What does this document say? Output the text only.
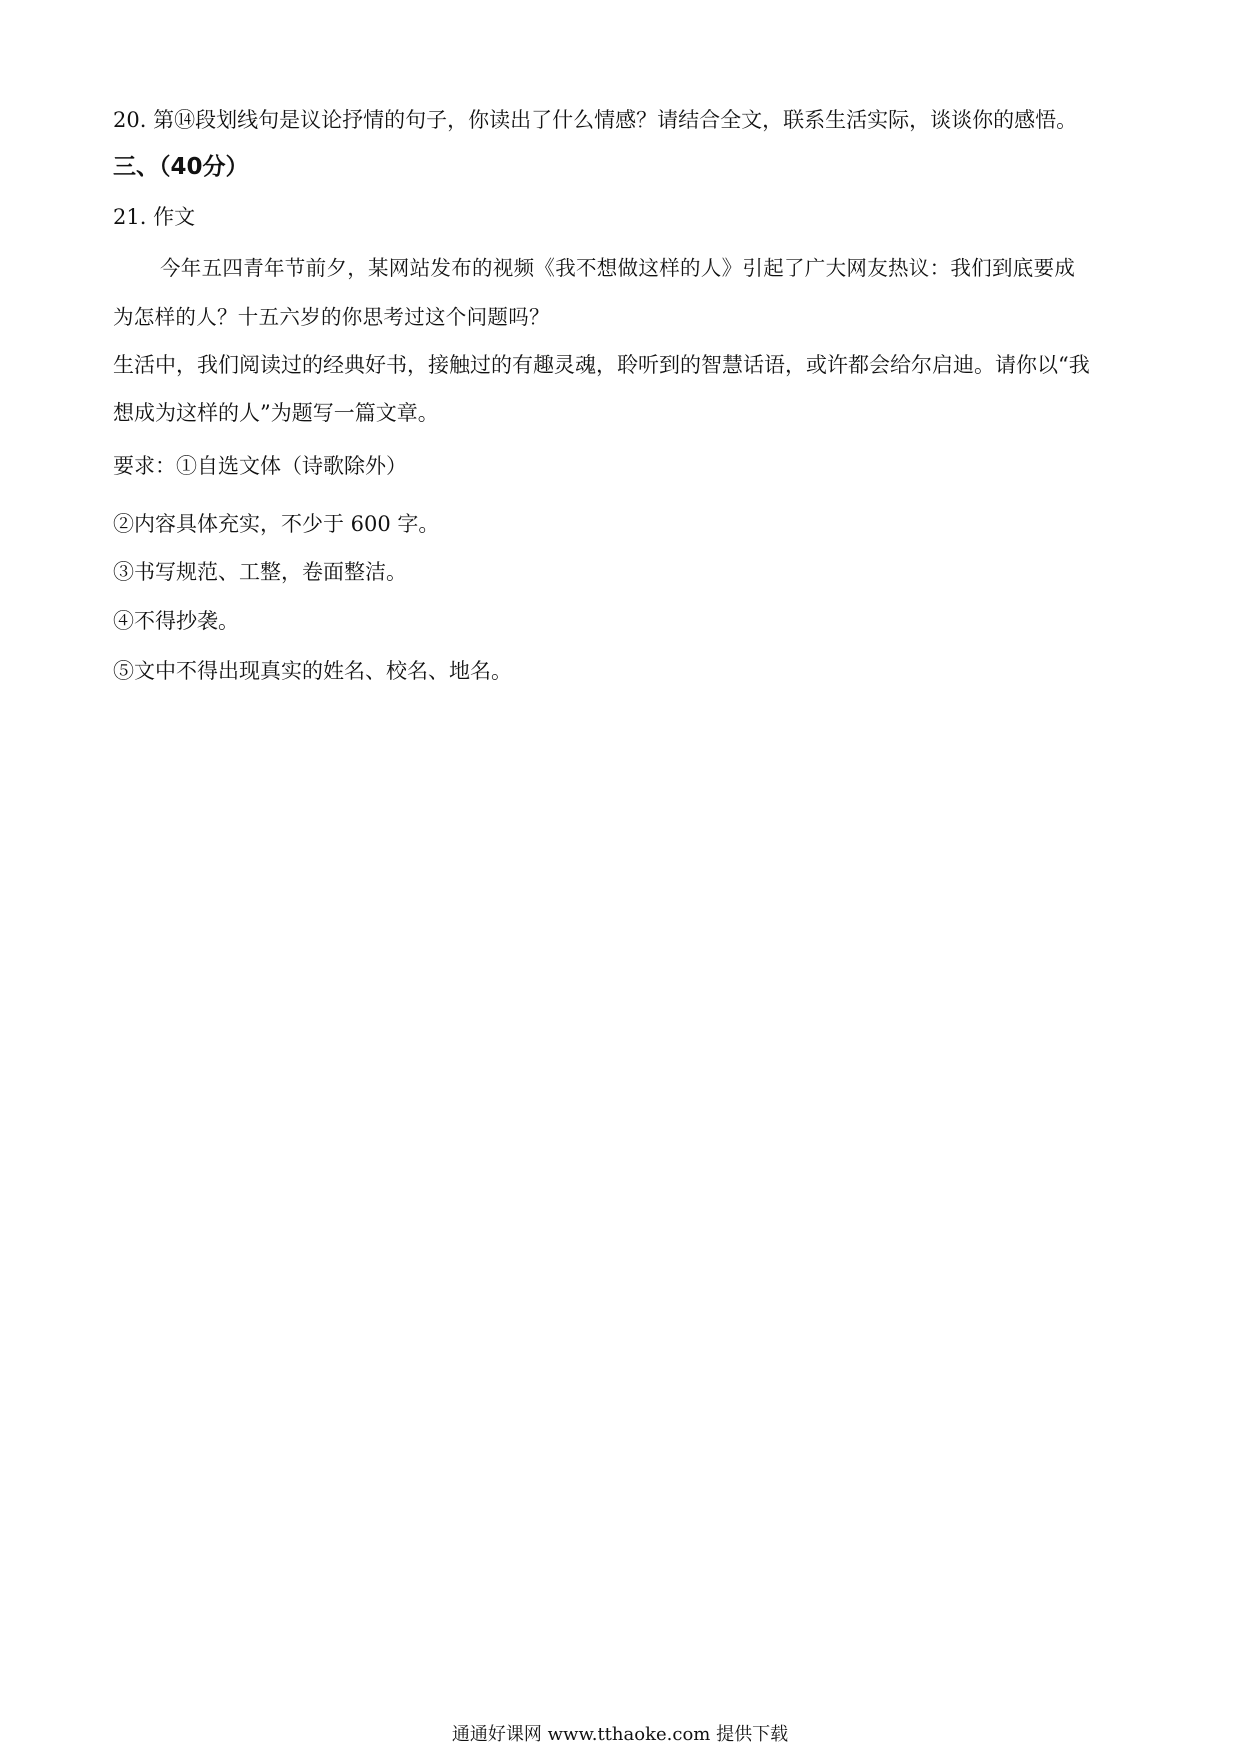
20. 第⑭段划线句是议论抒情的句子，你读出了什么情感？请结合全文，联系生活实际，谈谈你的感悟。
三、（40分）
21. 作文
今年五四青年节前夕，某网站发布的视频《我不想做这样的人》引起了广大网友热议：我们到底要成
为怎样的人？十五六岁的你思考过这个问题吗？
生活中，我们阅读过的经典好书，接触过的有趣灵魂，聆听到的智慧话语，或许都会给尔启迪。请你以“我
想成为这样的人”为题写一篇文章。
要求：①自选文体（诗歌除外）
②内容具体充实，不少于 600 字。
③书写规范、工整，卷面整洁。
④不得抄袭。
⑤文中不得出现真实的姓名、校名、地名。
通通好课网 www.tthaoke.com 提供下载
